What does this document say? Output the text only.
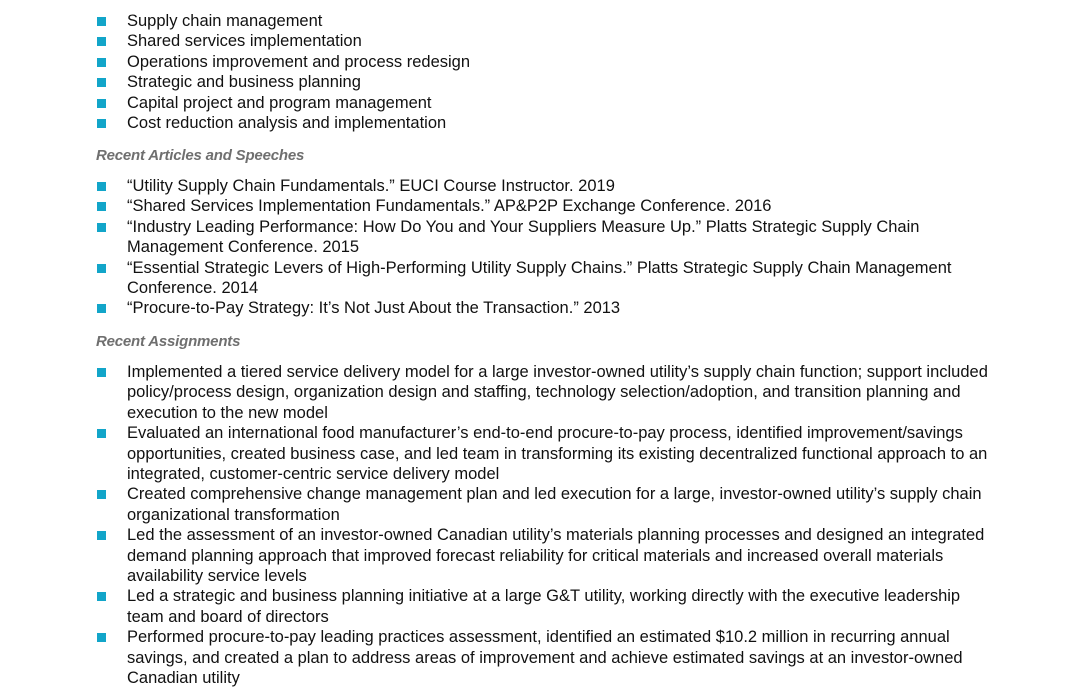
Supply chain management
Shared services implementation
Operations improvement and process redesign
Strategic and business planning
Capital project and program management
Cost reduction analysis and implementation
Recent Articles and Speeches
“Utility Supply Chain Fundamentals.” EUCI Course Instructor. 2019
“Shared Services Implementation Fundamentals.” AP&P2P Exchange Conference. 2016
“Industry Leading Performance: How Do You and Your Suppliers Measure Up.” Platts Strategic Supply Chain Management Conference. 2015
“Essential Strategic Levers of High-Performing Utility Supply Chains.” Platts Strategic Supply Chain Management Conference. 2014
“Procure-to-Pay Strategy: It’s Not Just About the Transaction.” 2013
Recent Assignments
Implemented a tiered service delivery model for a large investor-owned utility’s supply chain function; support included policy/process design, organization design and staffing, technology selection/adoption, and transition planning and execution to the new model
Evaluated an international food manufacturer’s end-to-end procure-to-pay process, identified improvement/savings opportunities, created business case, and led team in transforming its existing decentralized functional approach to an integrated, customer-centric service delivery model
Created comprehensive change management plan and led execution for a large, investor-owned utility’s supply chain organizational transformation
Led the assessment of an investor-owned Canadian utility’s materials planning processes and designed an integrated demand planning approach that improved forecast reliability for critical materials and increased overall materials availability service levels
Led a strategic and business planning initiative at a large G&T utility, working directly with the executive leadership team and board of directors
Performed procure-to-pay leading practices assessment, identified an estimated $10.2 million in recurring annual savings, and created a plan to address areas of improvement and achieve estimated savings at an investor-owned Canadian utility
